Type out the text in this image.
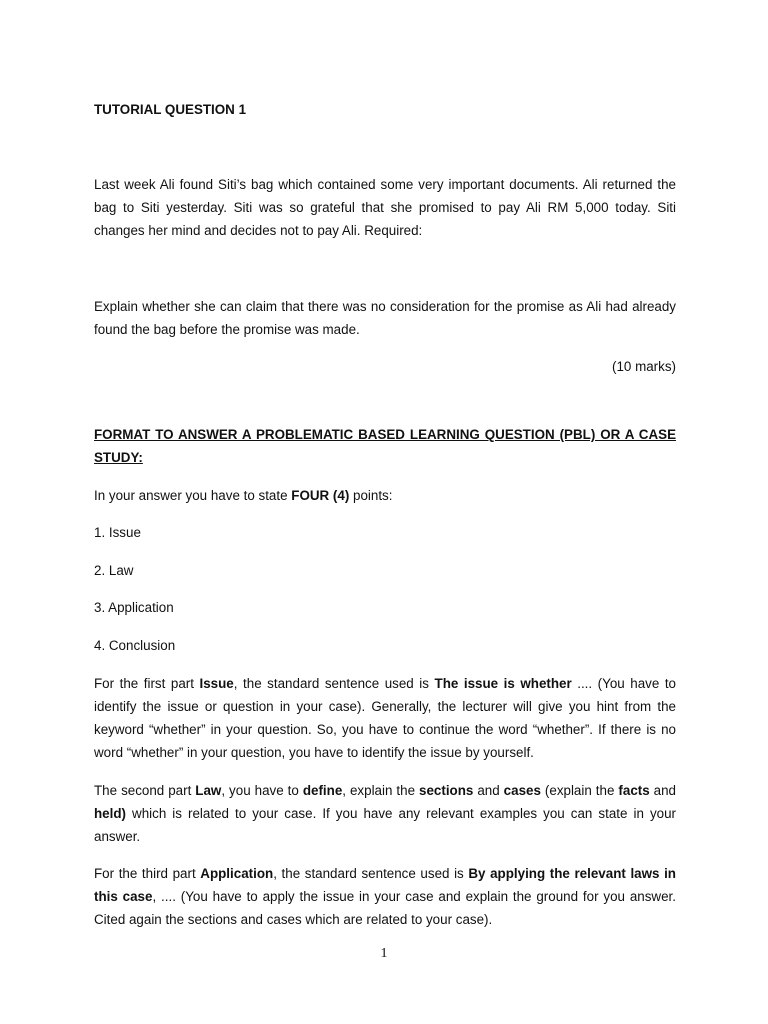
TUTORIAL QUESTION 1

Last week Ali found Siti’s bag which contained some very important documents. Ali returned the bag to Siti yesterday. Siti was so grateful that she promised to pay Ali RM 5,000 today. Siti changes her mind and decides not to pay Ali. Required:

Explain whether she can claim that there was no consideration for the promise as Ali had already found the bag before the promise was made.

(10 marks)

FORMAT TO ANSWER A PROBLEMATIC BASED LEARNING QUESTION (PBL) OR A CASE STUDY:

In your answer you have to state FOUR (4) points:

1. Issue

2. Law

3. Application

4. Conclusion

For the first part Issue, the standard sentence used is The issue is whether .... (You have to identify the issue or question in your case). Generally, the lecturer will give you hint from the keyword “whether” in your question. So, you have to continue the word “whether”. If there is no word “whether” in your question, you have to identify the issue by yourself.

The second part Law, you have to define, explain the sections and cases (explain the facts and held) which is related to your case. If you have any relevant examples you can state in your answer.

For the third part Application, the standard sentence used is By applying the relevant laws in this case, .... (You have to apply the issue in your case and explain the ground for you answer. Cited again the sections and cases which are related to your case).

1
